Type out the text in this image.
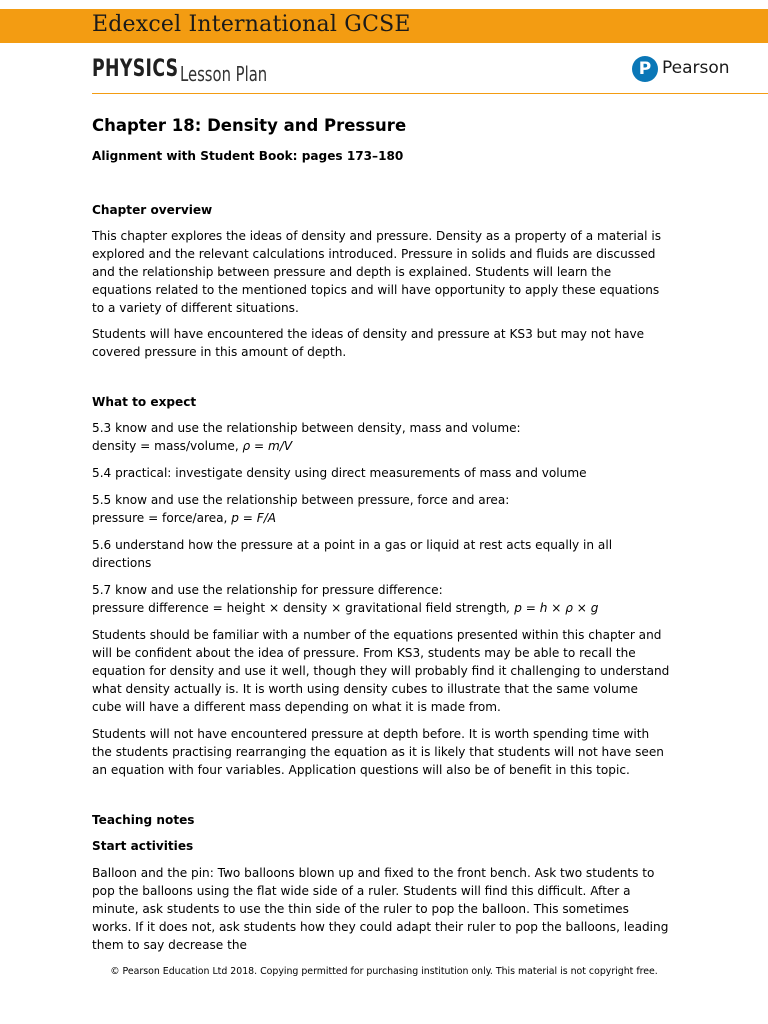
Edexcel International GCSE
PHYSICS Lesson Plan	P Pearson

Chapter 18: Density and Pressure

Alignment with Student Book: pages 173–180

Chapter overview

This chapter explores the ideas of density and pressure. Density as a property of a material is explored and the relevant calculations introduced. Pressure in solids and fluids are discussed and the relationship between pressure and depth is explained. Students will learn the equations related to the mentioned topics and will have opportunity to apply these equations to a variety of different situations.

Students will have encountered the ideas of density and pressure at KS3 but may not have covered pressure in this amount of depth.

What to expect

5.3 know and use the relationship between density, mass and volume:
density = mass/volume, ρ = m/V

5.4 practical: investigate density using direct measurements of mass and volume

5.5 know and use the relationship between pressure, force and area:
pressure = force/area, p = F/A

5.6 understand how the pressure at a point in a gas or liquid at rest acts equally in all directions

5.7 know and use the relationship for pressure difference:
pressure difference = height × density × gravitational field strength, p = h × ρ × g

Students should be familiar with a number of the equations presented within this chapter and will be confident about the idea of pressure. From KS3, students may be able to recall the equation for density and use it well, though they will probably find it challenging to understand what density actually is. It is worth using density cubes to illustrate that the same volume cube will have a different mass depending on what it is made from.

Students will not have encountered pressure at depth before. It is worth spending time with the students practising rearranging the equation as it is likely that students will not have seen an equation with four variables. Application questions will also be of benefit in this topic.

Teaching notes

Start activities

Balloon and the pin: Two balloons blown up and fixed to the front bench. Ask two students to pop the balloons using the flat wide side of a ruler. Students will find this difficult. After a minute, ask students to use the thin side of the ruler to pop the balloon. This sometimes works. If it does not, ask students how they could adapt their ruler to pop the balloons, leading them to say decrease the

© Pearson Education Ltd 2018. Copying permitted for purchasing institution only. This material is not copyright free.
